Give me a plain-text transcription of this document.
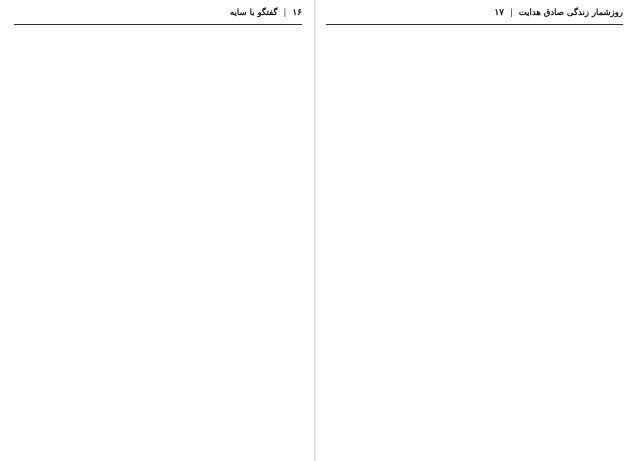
۱۶ | گفتگو با سایه	روزشمار زندگی صادق هدایت | ۱۷
